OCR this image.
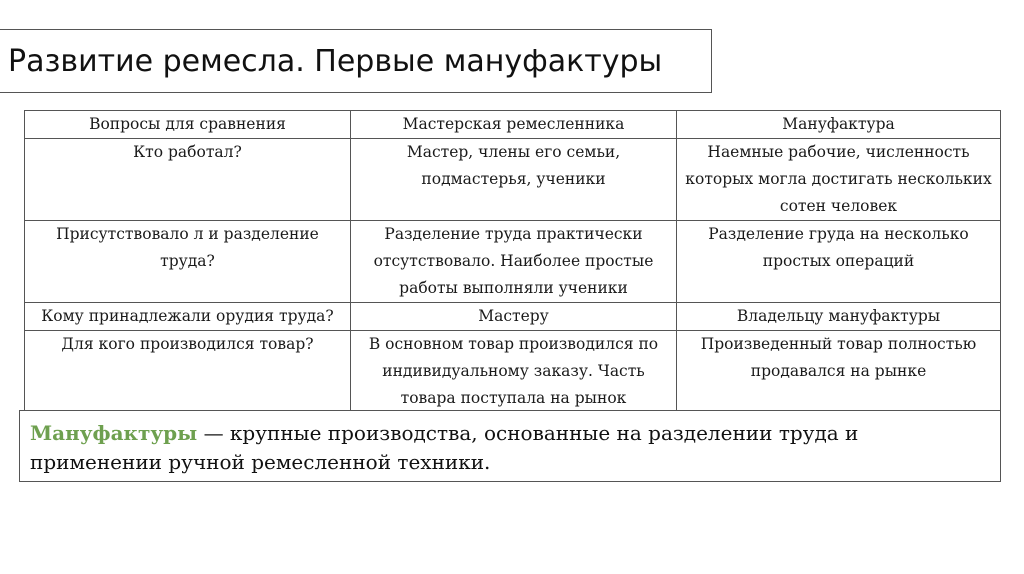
Развитие ремесла. Первые мануфактуры
Вопросы для сравнения	Мастерская ремесленника	Мануфактура
Кто работал?	Мастер, члены его семьи, подмастерья, ученики	Наемные рабочие, численность которых могла достигать нескольких сотен человек
Присутствовало л и разделение труда?	Разделение труда практически отсутствовало. Наиболее простые работы выполняли ученики	Разделение груда на несколько простых операций
Кому принадлежали орудия труда?	Мастеру	Владельцу мануфактуры
Для кого производился товар?	В основном товар производился по индивидуальному заказу. Часть товара поступала на рынок	Произведенный товар полностью продавался на рынке
Мануфактуры — крупные производства, основанные на разделении труда и применении ручной ремесленной техники.
